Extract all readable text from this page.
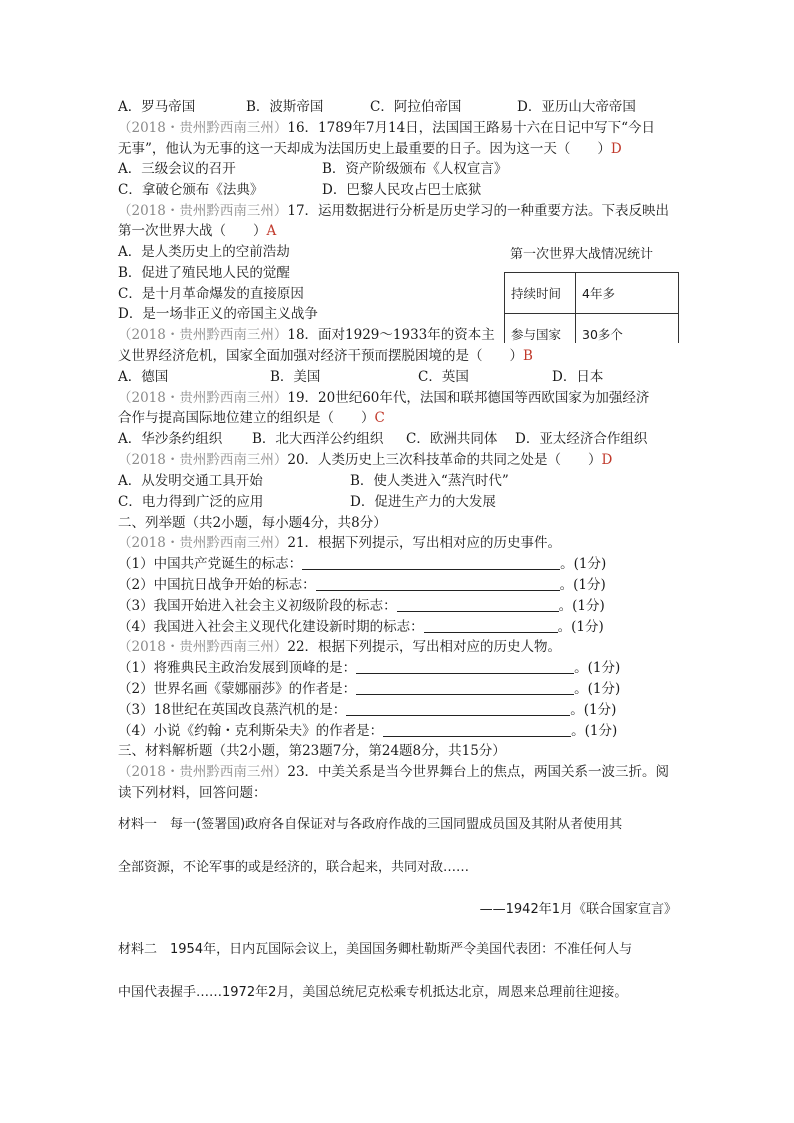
A．罗马帝国	B．波斯帝国	C．阿拉伯帝国	D．亚历山大帝帝国
（2018・贵州黔西南三州）16．1789年7月14日，法国国王路易十六在日记中写下“今日
无事”，他认为无事的这一天却成为法国历史上最重要的日子。因为这一天（　　）D
A．三级会议的召开	B．资产阶级颁布《人权宣言》
C．拿破仑颁布《法典》	D．巴黎人民攻占巴士底狱
（2018・贵州黔西南三州）17．运用数据进行分析是历史学习的一种重要方法。下表反映出
第一次世界大战（　　）A
A．是人类历史上的空前浩劫
B．促进了殖民地人民的觉醒
C．是十月革命爆发的直接原因
D．是一场非正义的帝国主义战争
第一次世界大战情况统计
持续时间	4年多
参与国家	30多个
（2018・贵州黔西南三州）18．面对1929～1933年的资本主
义世界经济危机，国家全面加强对经济干预而摆脱困境的是（　　）B
A．德国	B．美国	C．英国	D．日本
（2018・贵州黔西南三州）19．20世纪60年代，法国和联邦德国等西欧国家为加强经济
合作与提高国际地位建立的组织是（　　）C
A．华沙条约组织 B．北大西洋公约组织 C．欧洲共同体 D．亚太经济合作组织
（2018・贵州黔西南三州）20．人类历史上三次科技革命的共同之处是（　　）D
A．从发明交通工具开始	B．使人类进入“蒸汽时代”
C．电力得到广泛的应用	D．促进生产力的大发展
二、列举题（共2小题，每小题4分，共8分）
（2018・贵州黔西南三州）21．根据下列提示，写出相对应的历史事件。
（1）中国共产党诞生的标志：	。(1分)
（2）中国抗日战争开始的标志：	。(1分)
（3）我国开始进入社会主义初级阶段的标志：	。(1分)
（4）我国进入社会主义现代化建设新时期的标志：	。(1分)
（2018・贵州黔西南三州）22．根据下列提示，写出相对应的历史人物。
（1）将雅典民主政治发展到顶峰的是：	。(1分)
（2）世界名画《蒙娜丽莎》的作者是：	。(1分)
（3）18世纪在英国改良蒸汽机的是：	。(1分)
（4）小说《约翰・克利斯朵夫》的作者是：	。(1分)
三、材料解析题（共2小题，第23题7分，第24题8分，共15分）
（2018・贵州黔西南三州）23．中美关系是当今世界舞台上的焦点，两国关系一波三折。阅
读下列材料，回答问题：
材料一　每一(签署国)政府各自保证对与各政府作战的三国同盟成员国及其附从者使用其
全部资源，不论军事的或是经济的，联合起来，共同对敌……
——1942年1月《联合国家宣言》
材料二　1954年，日内瓦国际会议上，美国国务卿杜勒斯严令美国代表团：不准任何人与
中国代表握手……1972年2月，美国总统尼克松乘专机抵达北京，周恩来总理前往迎接。
